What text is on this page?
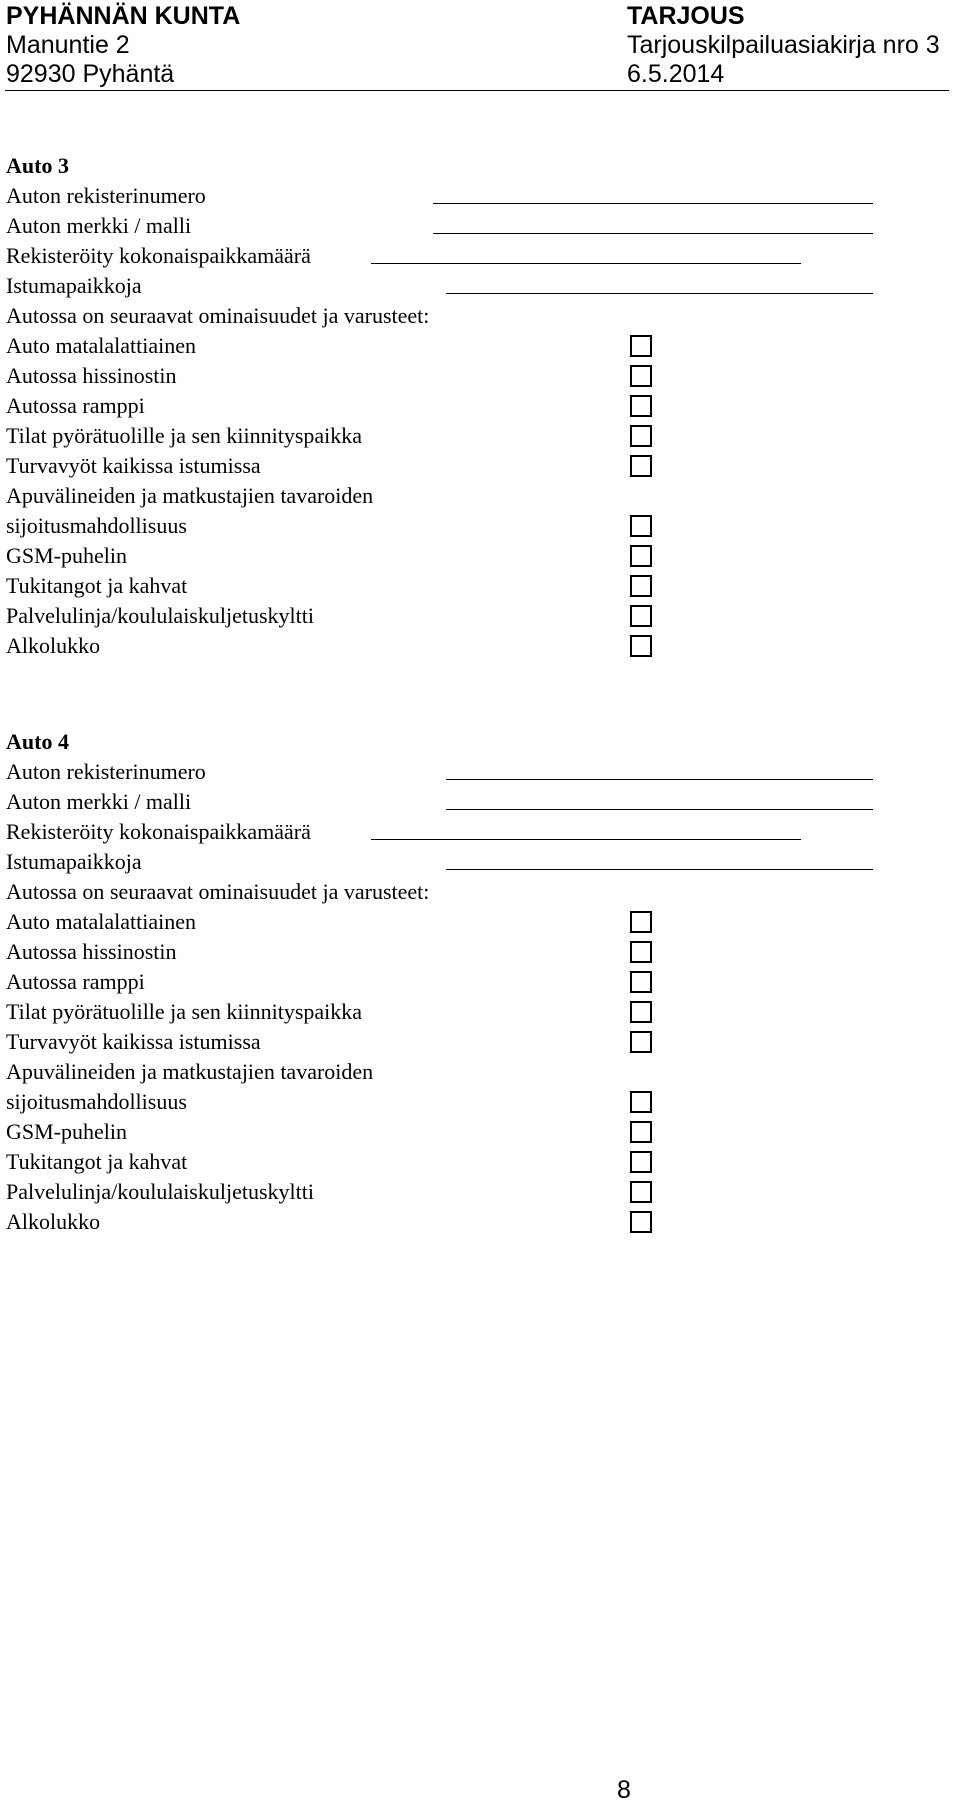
PYHÄNNÄN KUNTA	TARJOUS
Manuntie 2	Tarjouskilpailuasiakirja nro 3
92930 Pyhäntä	6.5.2014
Auto 3
Auton rekisterinumero
Auton merkki / malli
Rekisteröity kokonaispaikkamäärä
Istumapaikkoja
Autossa on seuraavat ominaisuudet ja varusteet:
Auto matalalattiainen
Autossa hissinostin
Autossa ramppi
Tilat pyörätuolille ja sen kiinnityspaikka
Turvavyöt kaikissa istumissa
Apuvälineiden ja matkustajien tavaroiden
sijoitusmahdollisuus
GSM-puhelin
Tukitangot ja kahvat
Palvelulinja/koululaiskuljetuskyltti
Alkolukko
Auto 4
Auton rekisterinumero
Auton merkki / malli
Rekisteröity kokonaispaikkamäärä
Istumapaikkoja
Autossa on seuraavat ominaisuudet ja varusteet:
Auto matalalattiainen
Autossa hissinostin
Autossa ramppi
Tilat pyörätuolille ja sen kiinnityspaikka
Turvavyöt kaikissa istumissa
Apuvälineiden ja matkustajien tavaroiden
sijoitusmahdollisuus
GSM-puhelin
Tukitangot ja kahvat
Palvelulinja/koululaiskuljetuskyltti
Alkolukko
8
